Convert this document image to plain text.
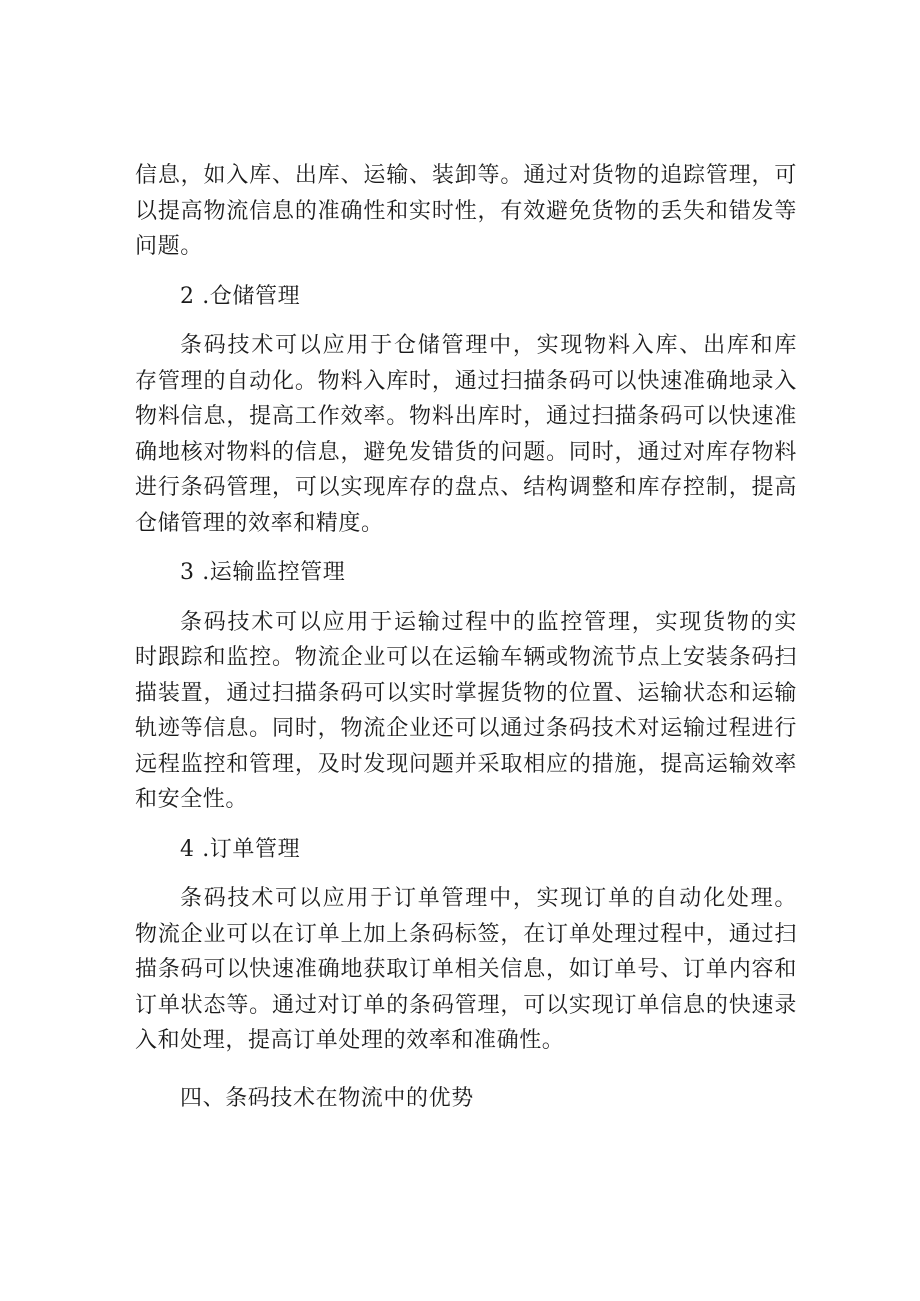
信息，如入库、出库、运输、装卸等。通过对货物的追踪管理，可
以提高物流信息的准确性和实时性，有效避免货物的丢失和错发等
问题。
2 .仓储管理
条码技术可以应用于仓储管理中，实现物料入库、出库和库
存管理的自动化。物料入库时，通过扫描条码可以快速准确地录入
物料信息，提高工作效率。物料出库时，通过扫描条码可以快速准
确地核对物料的信息，避免发错货的问题。同时，通过对库存物料
进行条码管理，可以实现库存的盘点、结构调整和库存控制，提高
仓储管理的效率和精度。
3 .运输监控管理
条码技术可以应用于运输过程中的监控管理，实现货物的实
时跟踪和监控。物流企业可以在运输车辆或物流节点上安装条码扫
描装置，通过扫描条码可以实时掌握货物的位置、运输状态和运输
轨迹等信息。同时，物流企业还可以通过条码技术对运输过程进行
远程监控和管理，及时发现问题并采取相应的措施，提高运输效率
和安全性。
4 .订单管理
条码技术可以应用于订单管理中，实现订单的自动化处理。
物流企业可以在订单上加上条码标签，在订单处理过程中，通过扫
描条码可以快速准确地获取订单相关信息，如订单号、订单内容和
订单状态等。通过对订单的条码管理，可以实现订单信息的快速录
入和处理，提高订单处理的效率和准确性。
四、条码技术在物流中的优势
